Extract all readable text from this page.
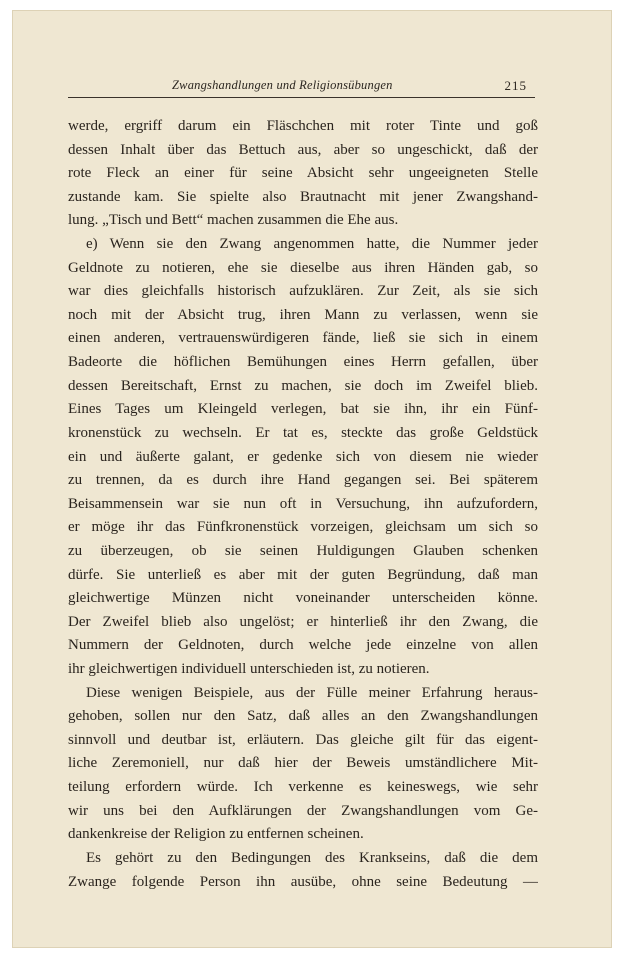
Zwangshandlungen und Religionsübungen	215
werde, ergriff darum ein Fläschchen mit roter Tinte und goß
dessen Inhalt über das Bettuch aus, aber so ungeschickt, daß der
rote Fleck an einer für seine Absicht sehr ungeeigneten Stelle
zustande kam. Sie spielte also Brautnacht mit jener Zwangshand-
lung. „Tisch und Bett“ machen zusammen die Ehe aus.
e) Wenn sie den Zwang angenommen hatte, die Nummer jeder
Geldnote zu notieren, ehe sie dieselbe aus ihren Händen gab, so
war dies gleichfalls historisch aufzuklären. Zur Zeit, als sie sich
noch mit der Absicht trug, ihren Mann zu verlassen, wenn sie
einen anderen, vertrauenswürdigeren fände, ließ sie sich in einem
Badeorte die höflichen Bemühungen eines Herrn gefallen, über
dessen Bereitschaft, Ernst zu machen, sie doch im Zweifel blieb.
Eines Tages um Kleingeld verlegen, bat sie ihn, ihr ein Fünf-
kronenstück zu wechseln. Er tat es, steckte das große Geldstück
ein und äußerte galant, er gedenke sich von diesem nie wieder
zu trennen, da es durch ihre Hand gegangen sei. Bei späterem
Beisammensein war sie nun oft in Versuchung, ihn aufzufordern,
er möge ihr das Fünfkronenstück vorzeigen, gleichsam um sich so
zu überzeugen, ob sie seinen Huldigungen Glauben schenken
dürfe. Sie unterließ es aber mit der guten Begründung, daß man
gleichwertige Münzen nicht voneinander unterscheiden könne.
Der Zweifel blieb also ungelöst; er hinterließ ihr den Zwang, die
Nummern der Geldnoten, durch welche jede einzelne von allen
ihr gleichwertigen individuell unterschieden ist, zu notieren.
Diese wenigen Beispiele, aus der Fülle meiner Erfahrung heraus-
gehoben, sollen nur den Satz, daß alles an den Zwangshandlungen
sinnvoll und deutbar ist, erläutern. Das gleiche gilt für das eigent-
liche Zeremoniell, nur daß hier der Beweis umständlichere Mit-
teilung erfordern würde. Ich verkenne es keineswegs, wie sehr
wir uns bei den Aufklärungen der Zwangshandlungen vom Ge-
dankenkreise der Religion zu entfernen scheinen.
Es gehört zu den Bedingungen des Krankseins, daß die dem
Zwange folgende Person ihn ausübe, ohne seine Bedeutung —
